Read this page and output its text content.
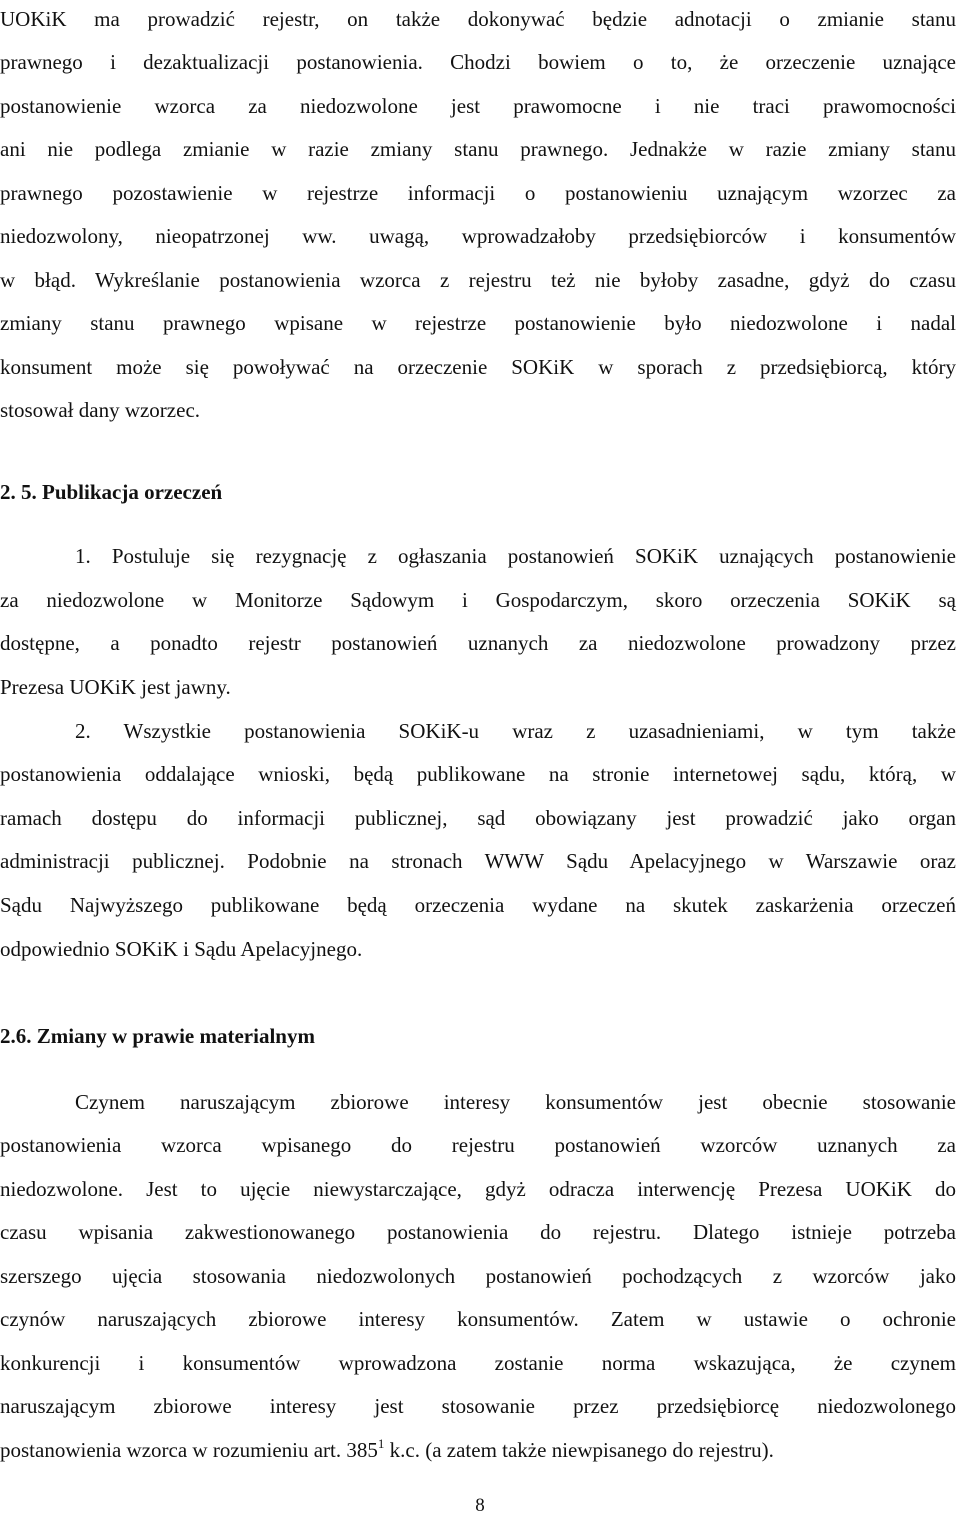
UOKiK ma prowadzić rejestr, on także dokonywać będzie adnotacji o zmianie stanu
prawnego i dezaktualizacji postanowienia. Chodzi bowiem o to, że orzeczenie uznające
postanowienie wzorca za niedozwolone jest prawomocne i nie traci prawomocności
ani nie podlega zmianie w razie zmiany stanu prawnego. Jednakże w razie zmiany stanu
prawnego pozostawienie w rejestrze informacji o postanowieniu uznającym wzorzec za
niedozwolony, nieopatrzonej ww. uwagą, wprowadzałoby przedsiębiorców i konsumentów
w błąd. Wykreślanie postanowienia wzorca z rejestru też nie byłoby zasadne, gdyż do czasu
zmiany stanu prawnego wpisane w rejestrze postanowienie było niedozwolone i nadal
konsument może się powoływać na orzeczenie SOKiK w sporach z przedsiębiorcą, który
stosował dany wzorzec.
2. 5. Publikacja orzeczeń
1. Postuluje się rezygnację z ogłaszania postanowień SOKiK uznających postanowienie
za niedozwolone w Monitorze Sądowym i Gospodarczym, skoro orzeczenia SOKiK są
dostępne, a ponadto rejestr postanowień uznanych za niedozwolone prowadzony przez
Prezesa UOKiK jest jawny.
2. Wszystkie postanowienia SOKiK-u wraz z uzasadnieniami, w tym także
postanowienia oddalające wnioski, będą publikowane na stronie internetowej sądu, którą, w
ramach dostępu do informacji publicznej, sąd obowiązany jest prowadzić jako organ
administracji publicznej. Podobnie na stronach WWW Sądu Apelacyjnego w Warszawie oraz
Sądu Najwyższego publikowane będą orzeczenia wydane na skutek zaskarżenia orzeczeń
odpowiednio SOKiK i Sądu Apelacyjnego.
2.6. Zmiany w prawie materialnym
Czynem naruszającym zbiorowe interesy konsumentów jest obecnie stosowanie
postanowienia wzorca wpisanego do rejestru postanowień wzorców uznanych za
niedozwolone. Jest to ujęcie niewystarczające, gdyż odracza interwencję Prezesa UOKiK do
czasu wpisania zakwestionowanego postanowienia do rejestru. Dlatego istnieje potrzeba
szerszego ujęcia stosowania niedozwolonych postanowień pochodzących z wzorców jako
czynów naruszających zbiorowe interesy konsumentów. Zatem w ustawie o ochronie
konkurencji i konsumentów wprowadzona zostanie norma wskazująca, że czynem
naruszającym zbiorowe interesy jest stosowanie przez przedsiębiorcę niedozwolonego
postanowienia wzorca w rozumieniu art. $385^1$ k.c. (a zatem także niewpisanego do rejestru).
8
